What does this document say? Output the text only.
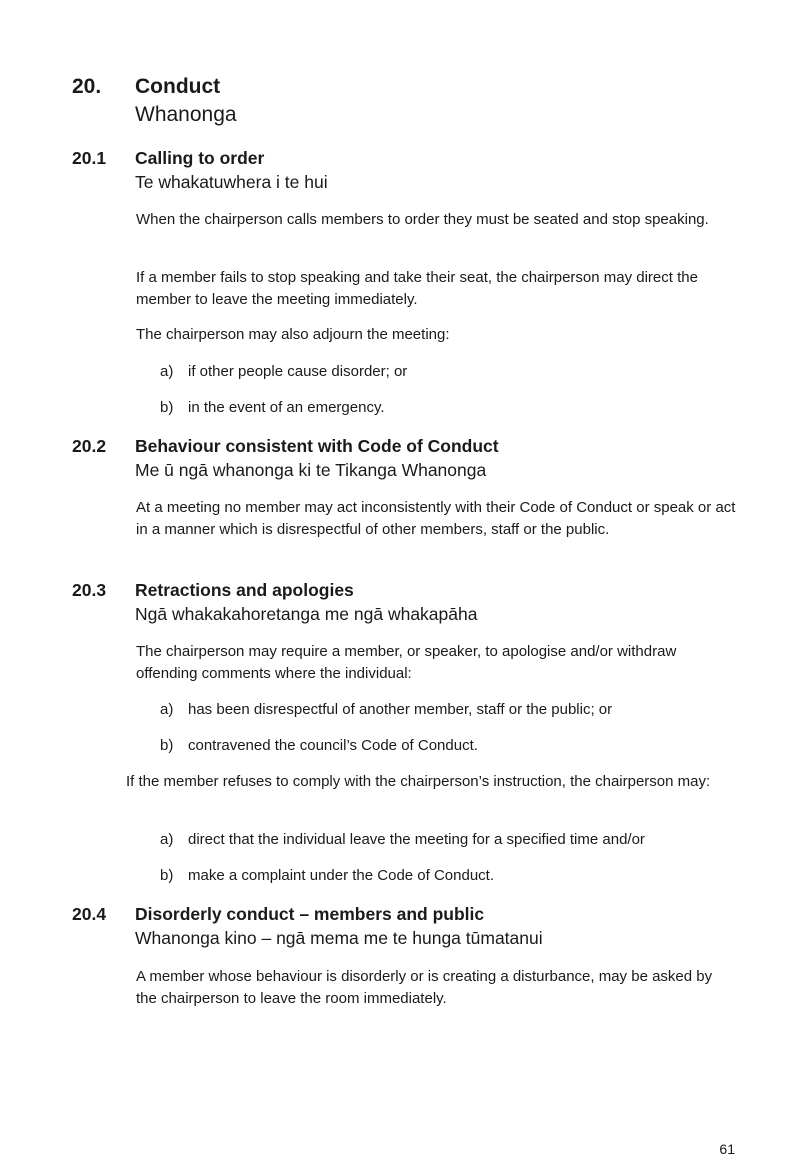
20. Conduct
Whanonga
20.1 Calling to order
Te whakatuwhera i te hui
When the chairperson calls members to order they must be seated and stop speaking.
If a member fails to stop speaking and take their seat, the chairperson may direct the member to leave the meeting immediately.
The chairperson may also adjourn the meeting:
a) if other people cause disorder; or
b) in the event of an emergency.
20.2 Behaviour consistent with Code of Conduct
Me ū ngā whanonga ki te Tikanga Whanonga
At a meeting no member may act inconsistently with their Code of Conduct or speak or act in a manner which is disrespectful of other members, staff or the public.
20.3 Retractions and apologies
Ngā whakakahoretanga me ngā whakapāha
The chairperson may require a member, or speaker, to apologise and/or withdraw offending comments where the individual:
a) has been disrespectful of another member, staff or the public; or
b) contravened the council’s Code of Conduct.
If the member refuses to comply with the chairperson’s instruction, the chairperson may:
a) direct that the individual leave the meeting for a specified time and/or
b) make a complaint under the Code of Conduct.
20.4 Disorderly conduct – members and public
Whanonga kino – ngā mema me te hunga tūmatanui
A member whose behaviour is disorderly or is creating a disturbance, may be asked by the chairperson to leave the room immediately.
61
